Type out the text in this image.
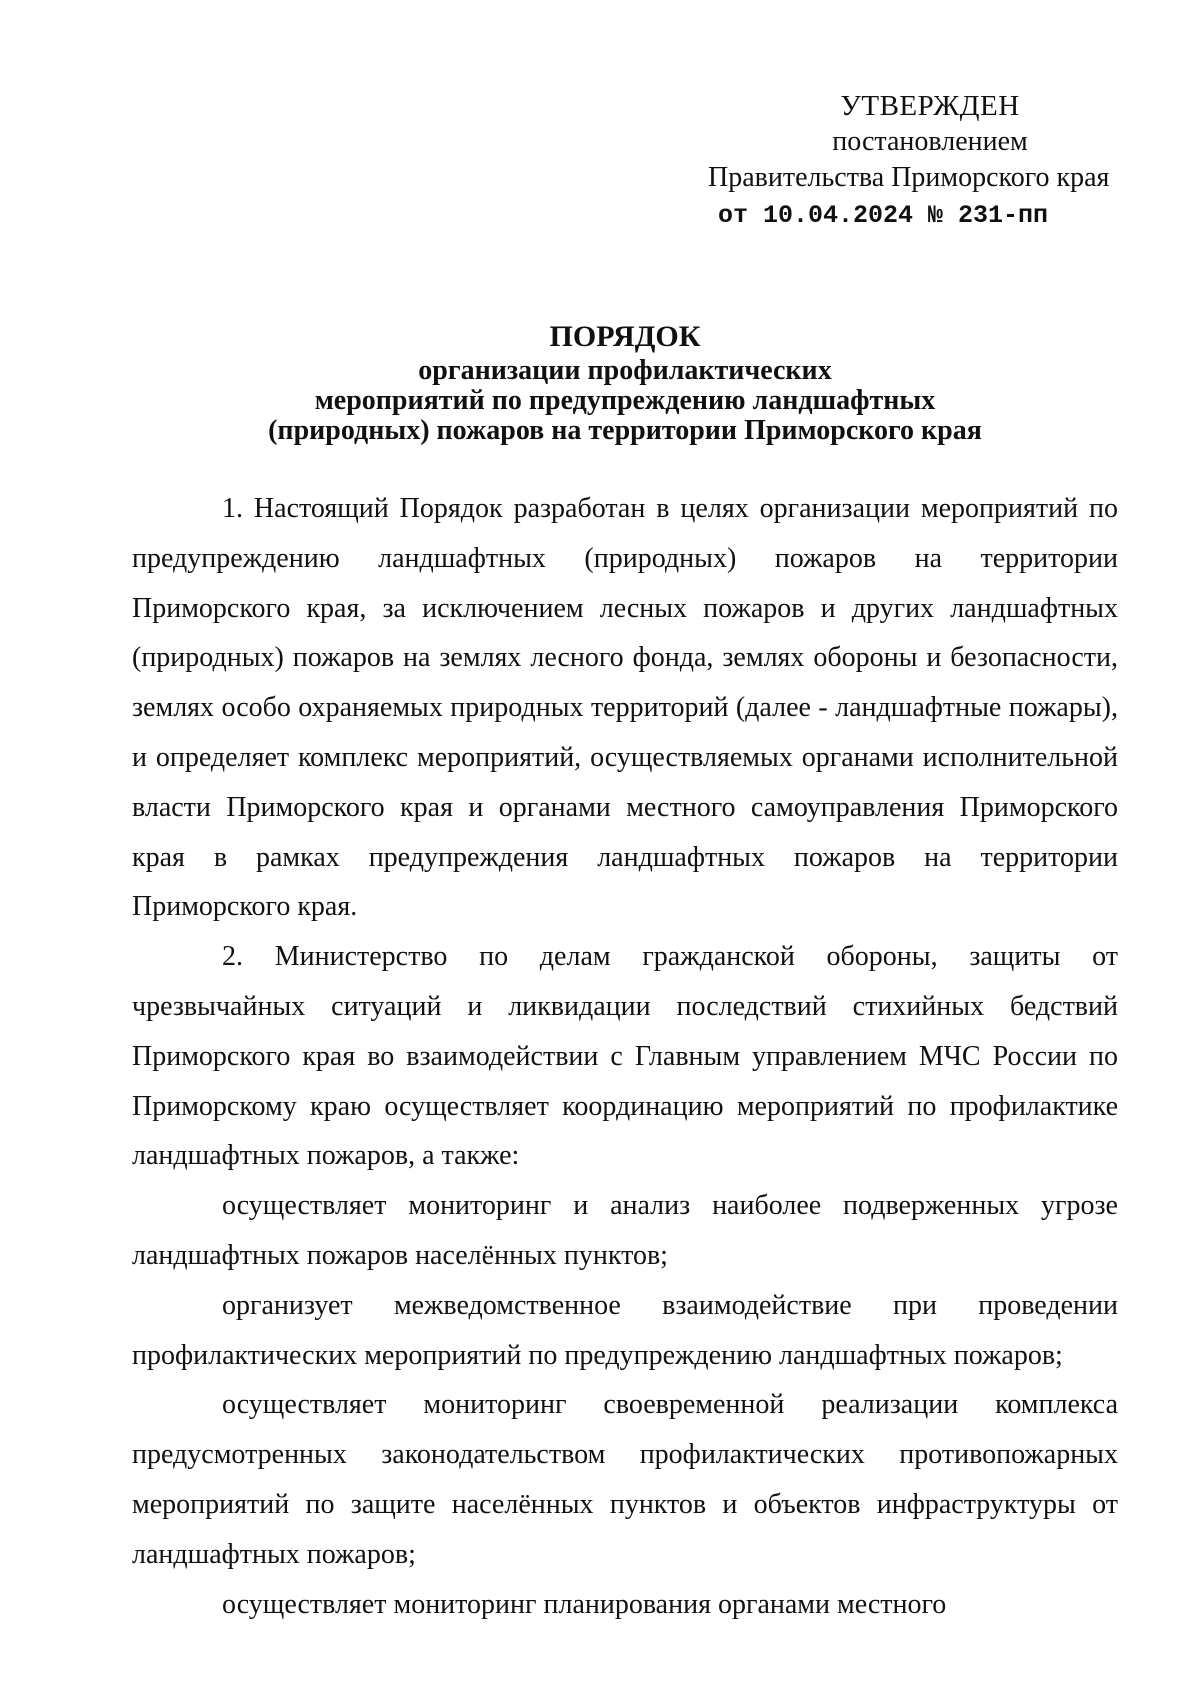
УТВЕРЖДЕН
постановлением
Правительства Приморского края
от 10.04.2024 № 231-пп
ПОРЯДОК
организации профилактических
мероприятий по предупреждению ландшафтных
(природных) пожаров на территории Приморского края

1. Настоящий Порядок разработан в целях организации мероприятий по предупреждению ландшафтных (природных) пожаров на территории Приморского края, за исключением лесных пожаров и других ландшафтных (природных) пожаров на землях лесного фонда, землях обороны и безопасности, землях особо охраняемых природных территорий (далее - ландшафтные пожары), и определяет комплекс мероприятий, осуществляемых органами исполнительной власти Приморского края и органами местного самоуправления Приморского края в рамках предупреждения ландшафтных пожаров на территории Приморского края.

2. Министерство по делам гражданской обороны, защиты от чрезвычайных ситуаций и ликвидации последствий стихийных бедствий Приморского края во взаимодействии с Главным управлением МЧС России по Приморскому краю осуществляет координацию мероприятий по профилактике ландшафтных пожаров, а также:

осуществляет мониторинг и анализ наиболее подверженных угрозе ландшафтных пожаров населённых пунктов;

организует межведомственное взаимодействие при проведении профилактических мероприятий по предупреждению ландшафтных пожаров;

осуществляет мониторинг своевременной реализации комплекса предусмотренных законодательством профилактических противопожарных мероприятий по защите населённых пунктов и объектов инфраструктуры от ландшафтных пожаров;

осуществляет мониторинг планирования органами местного
